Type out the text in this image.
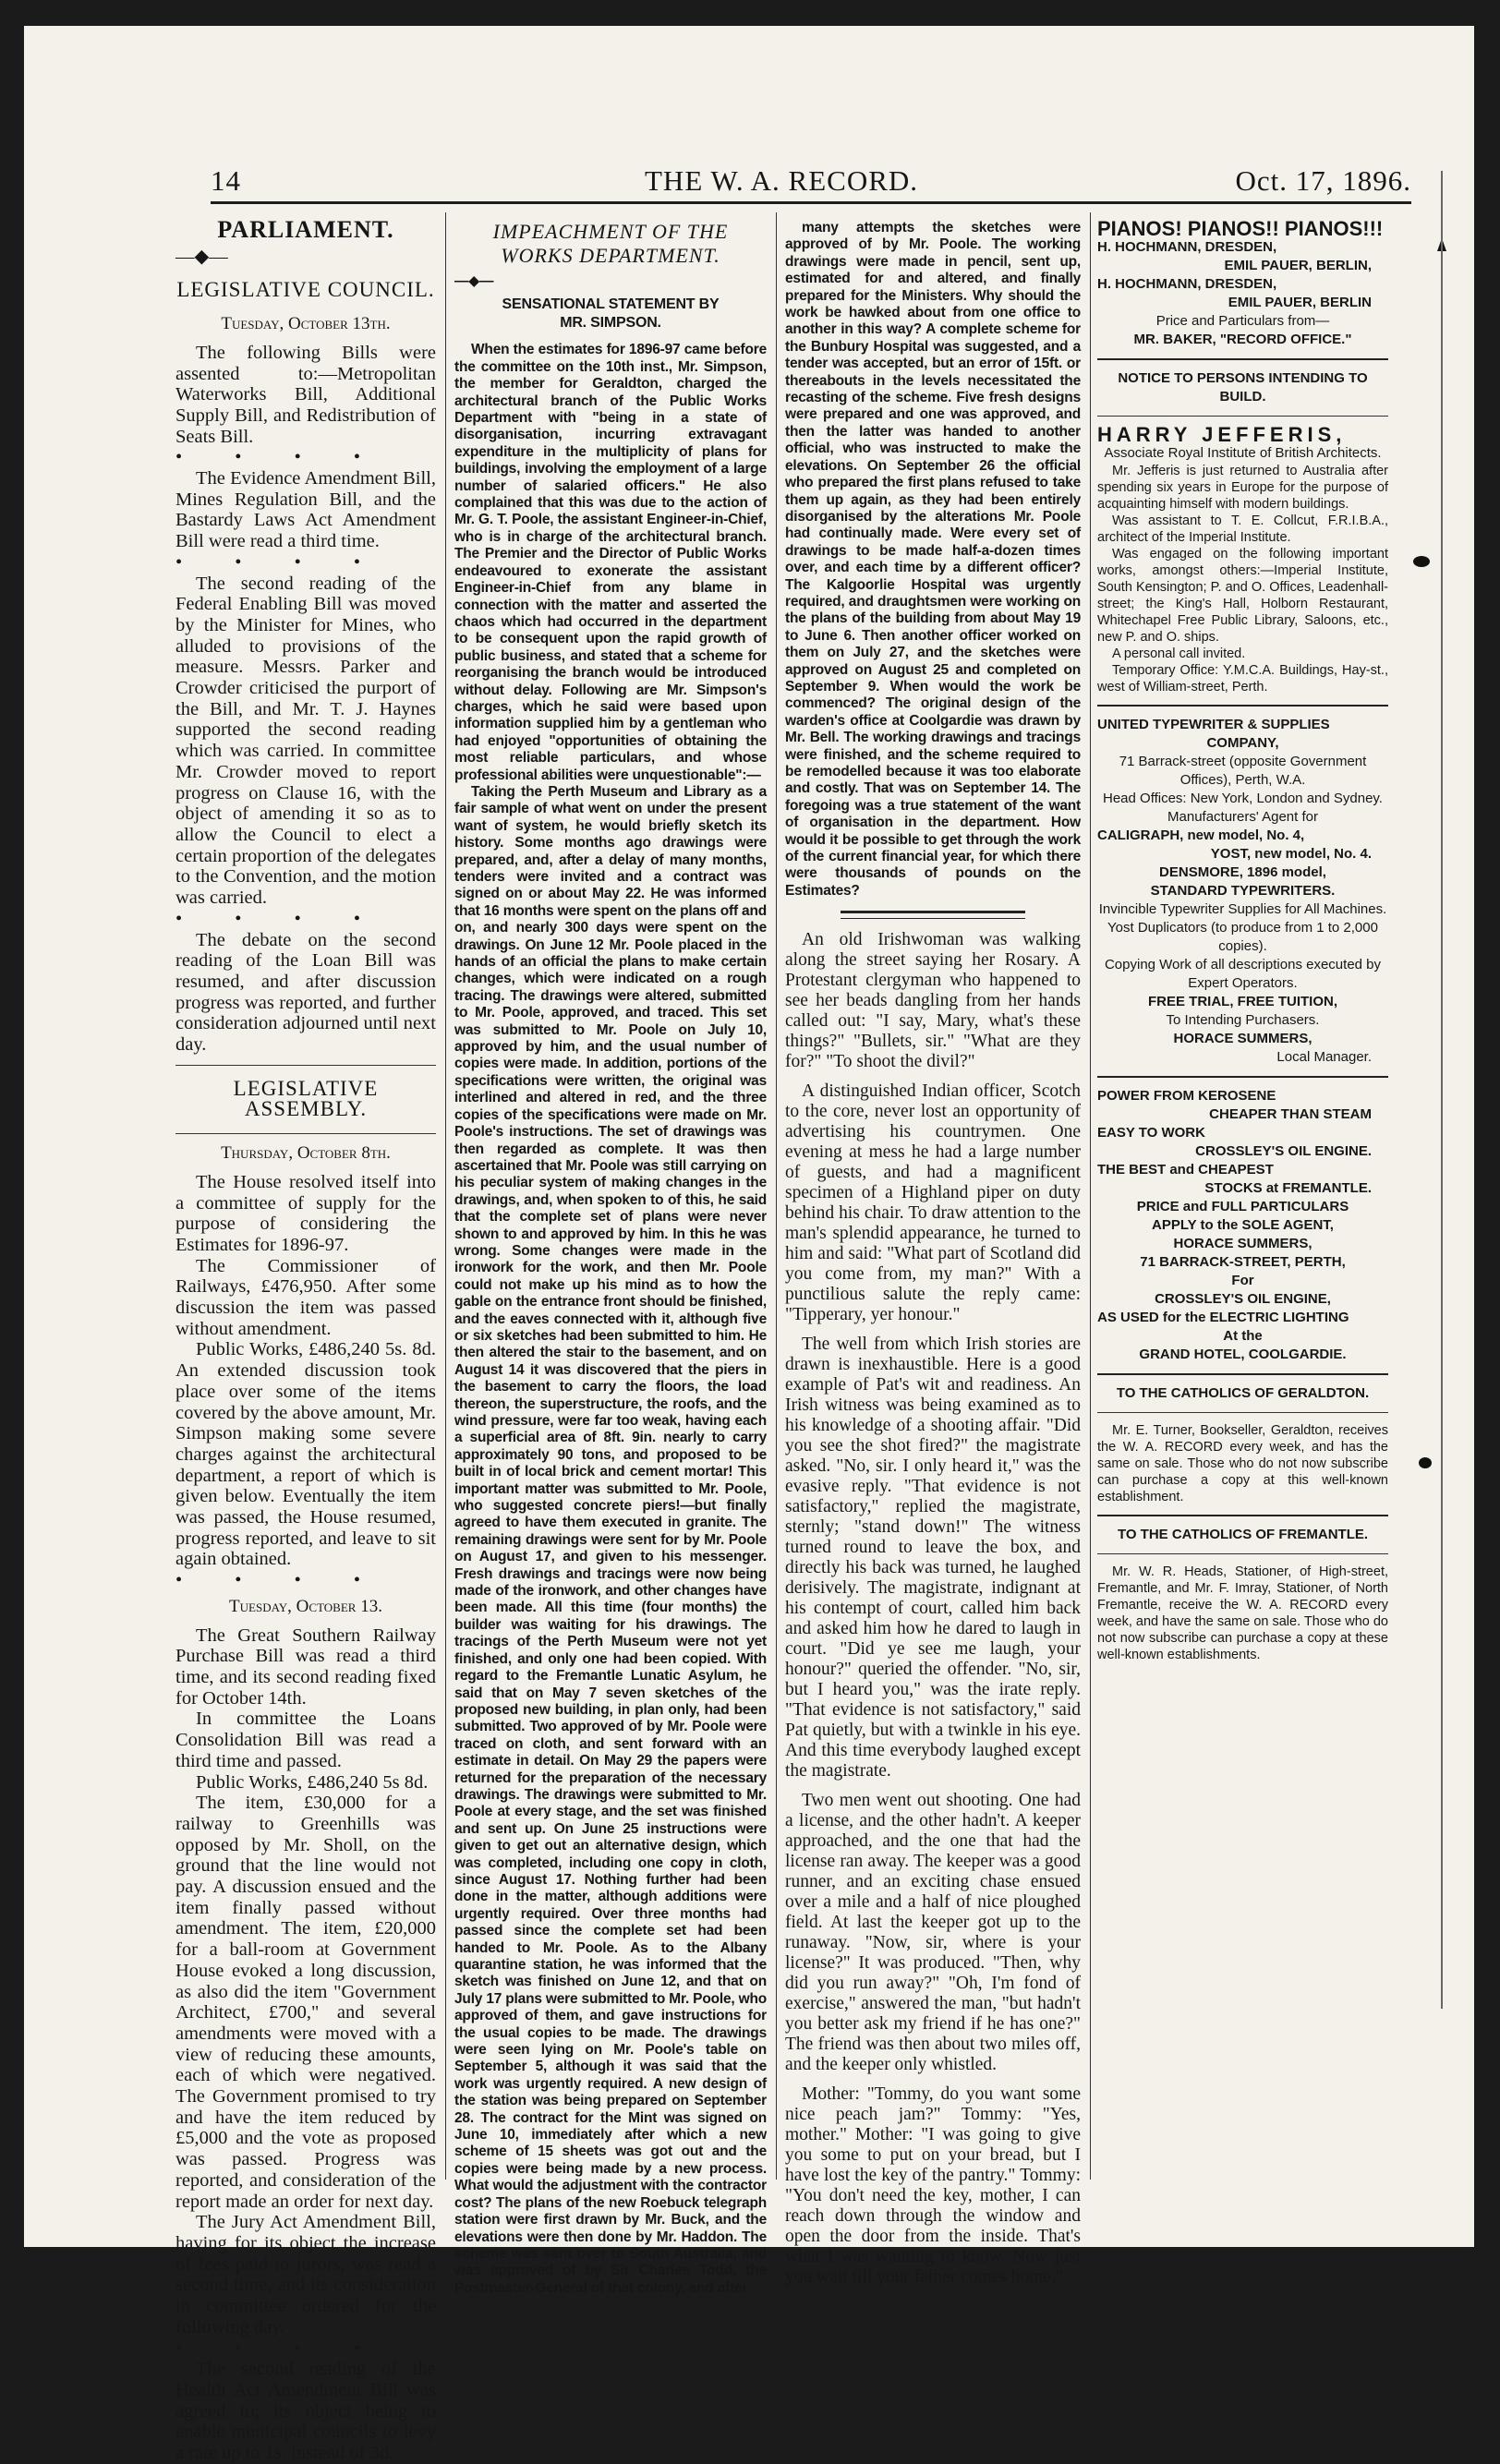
14	THE W. A. RECORD.	Oct. 17, 1896.

PARLIAMENT.

—◆—

LEGISLATIVE COUNCIL.

Tuesday, October 13th.

The following Bills were assented to:—Metropolitan Waterworks Bill, Additional Supply Bill, and Redistribution of Seats Bill.

• • • •

The Evidence Amendment Bill, Mines Regulation Bill, and the Bastardy Laws Act Amendment Bill were read a third time.

• • • •

The second reading of the Federal Enabling Bill was moved by the Minister for Mines, who alluded to provisions of the measure. Messrs. Parker and Crowder criticised the purport of the Bill, and Mr. T. J. Haynes supported the second reading which was carried. In committee Mr. Crowder moved to report progress on Clause 16, with the object of amending it so as to allow the Council to elect a certain proportion of the delegates to the Convention, and the motion was carried.

• • • •

The debate on the second reading of the Loan Bill was resumed, and after discussion progress was reported, and further consideration adjourned until next day.

LEGISLATIVE ASSEMBLY.

Thursday, October 8th.

The House resolved itself into a committee of supply for the purpose of considering the Estimates for 1896-97.

The Commissioner of Railways, £476,950. After some discussion the item was passed without amendment.

Public Works, £486,240 5s. 8d. An extended discussion took place over some of the items covered by the above amount, Mr. Simpson making some severe charges against the architectural department, a report of which is given below. Eventually the item was passed, the House resumed, progress reported, and leave to sit again obtained.

• • • •

Tuesday, October 13.

The Great Southern Railway Purchase Bill was read a third time, and its second reading fixed for October 14th.

In committee the Loans Consolidation Bill was read a third time and passed.

Public Works, £486,240 5s 8d.

The item, £30,000 for a railway to Greenhills was opposed by Mr. Sholl, on the ground that the line would not pay. A discussion ensued and the item finally passed without amendment. The item, £20,000 for a ball-room at Government House evoked a long discussion, as also did the item "Government Architect, £700," and several amendments were moved with a view of reducing these amounts, each of which were negatived. The Government promised to try and have the item reduced by £5,000 and the vote as proposed was passed. Progress was reported, and consideration of the report made an order for next day.

The Jury Act Amendment Bill, having for its object the increase of fees paid to jurors, was read a second time, and its consideration in committee ordered for the following day.

• • • •

The second reading of the Health Act Amendment Bill was agreed to; its object being to enable municipal councils to levy a rate up to 1s. instead of 3d.

IMPEACHMENT OF THE

WORKS DEPARTMENT.

—◆—

SENSATIONAL STATEMENT BY

MR. SIMPSON.

When the estimates for 1896-97 came before the committee on the 10th inst., Mr. Simpson, the member for Geraldton, charged the architectural branch of the Public Works Department with "being in a state of disorganisation, incurring extravagant expenditure in the multiplicity of plans for buildings, involving the employment of a large number of salaried officers." He also complained that this was due to the action of Mr. G. T. Poole, the assistant Engineer-in-Chief, who is in charge of the architectural branch. The Premier and the Director of Public Works endeavoured to exonerate the assistant Engineer-in-Chief from any blame in connection with the matter and asserted the chaos which had occurred in the department to be consequent upon the rapid growth of public business, and stated that a scheme for reorganising the branch would be introduced without delay. Following are Mr. Simpson's charges, which he said were based upon information supplied him by a gentleman who had enjoyed "opportunities of obtaining the most reliable particulars, and whose professional abilities were unquestionable":—

Taking the Perth Museum and Library as a fair sample of what went on under the present want of system, he would briefly sketch its history. Some months ago drawings were prepared, and, after a delay of many months, tenders were invited and a contract was signed on or about May 22. He was informed that 16 months were spent on the plans off and on, and nearly 300 days were spent on the drawings. On June 12 Mr. Poole placed in the hands of an official the plans to make certain changes, which were indicated on a rough tracing. The drawings were altered, submitted to Mr. Poole, approved, and traced. This set was submitted to Mr. Poole on July 10, approved by him, and the usual number of copies were made. In addition, portions of the specifications were written, the original was interlined and altered in red, and the three copies of the specifications were made on Mr. Poole's instructions. The set of drawings was then regarded as complete. It was then ascertained that Mr. Poole was still carrying on his peculiar system of making changes in the drawings, and, when spoken to of this, he said that the complete set of plans were never shown to and approved by him. In this he was wrong. Some changes were made in the ironwork for the work, and then Mr. Poole could not make up his mind as to how the gable on the entrance front should be finished, and the eaves connected with it, although five or six sketches had been submitted to him. He then altered the stair to the basement, and on August 14 it was discovered that the piers in the basement to carry the floors, the load thereon, the superstructure, the roofs, and the wind pressure, were far too weak, having each a superficial area of 8ft. 9in. nearly to carry approximately 90 tons, and proposed to be built in of local brick and cement mortar! This important matter was submitted to Mr. Poole, who suggested concrete piers!—but finally agreed to have them executed in granite. The remaining drawings were sent for by Mr. Poole on August 17, and given to his messenger. Fresh drawings and tracings were now being made of the ironwork, and other changes have been made. All this time (four months) the builder was waiting for his drawings. The tracings of the Perth Museum were not yet finished, and only one had been copied. With regard to the Fremantle Lunatic Asylum, he said that on May 7 seven sketches of the proposed new building, in plan only, had been submitted. Two approved of by Mr. Poole were traced on cloth, and sent forward with an estimate in detail. On May 29 the papers were returned for the preparation of the necessary drawings. The drawings were submitted to Mr. Poole at every stage, and the set was finished and sent up. On June 25 instructions were given to get out an alternative design, which was completed, including one copy in cloth, since August 17. Nothing further had been done in the matter, although additions were urgently required. Over three months had passed since the complete set had been handed to Mr. Poole. As to the Albany quarantine station, he was informed that the sketch was finished on June 12, and that on July 17 plans were submitted to Mr. Poole, who approved of them, and gave instructions for the usual copies to be made. The drawings were seen lying on Mr. Poole's table on September 5, although it was said that the work was urgently required. A new design of the station was being prepared on September 28. The contract for the Mint was signed on June 10, immediately after which a new scheme of 15 sheets was got out and the copies were being made by a new process. What would the adjustment with the contractor cost? The plans of the new Roebuck telegraph station were first drawn by Mr. Buck, and the elevations were then done by Mr. Haddon. The scheme was sent over to South Australia, and was approved of by Sir Charles Todd, the Postmaster-General of that colony, and after

many attempts the sketches were approved of by Mr. Poole. The working drawings were made in pencil, sent up, estimated for and altered, and finally prepared for the Ministers. Why should the work be hawked about from one office to another in this way? A complete scheme for the Bunbury Hospital was suggested, and a tender was accepted, but an error of 15ft. or thereabouts in the levels necessitated the recasting of the scheme. Five fresh designs were prepared and one was approved, and then the latter was handed to another official, who was instructed to make the elevations. On September 26 the official who prepared the first plans refused to take them up again, as they had been entirely disorganised by the alterations Mr. Poole had continually made. Were every set of drawings to be made half-a-dozen times over, and each time by a different officer? The Kalgoorlie Hospital was urgently required, and draughtsmen were working on the plans of the building from about May 19 to June 6. Then another officer worked on them on July 27, and the sketches were approved on August 25 and completed on September 9. When would the work be commenced? The original design of the warden's office at Coolgardie was drawn by Mr. Bell. The working drawings and tracings were finished, and the scheme required to be remodelled because it was too elaborate and costly. That was on September 14. The foregoing was a true statement of the want of organisation in the department. How would it be possible to get through the work of the current financial year, for which there were thousands of pounds on the Estimates?

An old Irishwoman was walking along the street saying her Rosary. A Protestant clergyman who happened to see her beads dangling from her hands called out: "I say, Mary, what's these things?" "Bullets, sir." "What are they for?" "To shoot the divil?"

A distinguished Indian officer, Scotch to the core, never lost an opportunity of advertising his countrymen. One evening at mess he had a large number of guests, and had a magnificent specimen of a Highland piper on duty behind his chair. To draw attention to the man's splendid appearance, he turned to him and said: "What part of Scotland did you come from, my man?" With a punctilious salute the reply came: "Tipperary, yer honour."

The well from which Irish stories are drawn is inexhaustible. Here is a good example of Pat's wit and readiness. An Irish witness was being examined as to his knowledge of a shooting affair. "Did you see the shot fired?" the magistrate asked. "No, sir. I only heard it," was the evasive reply. "That evidence is not satisfactory," replied the magistrate, sternly; "stand down!" The witness turned round to leave the box, and directly his back was turned, he laughed derisively. The magistrate, indignant at his contempt of court, called him back and asked him how he dared to laugh in court. "Did ye see me laugh, your honour?" queried the offender. "No, sir, but I heard you," was the irate reply. "That evidence is not satisfactory," said Pat quietly, but with a twinkle in his eye. And this time everybody laughed except the magistrate.

Two men went out shooting. One had a license, and the other hadn't. A keeper approached, and the one that had the license ran away. The keeper was a good runner, and an exciting chase ensued over a mile and a half of nice ploughed field. At last the keeper got up to the runaway. "Now, sir, where is your license?" It was produced. "Then, why did you run away?" "Oh, I'm fond of exercise," answered the man, "but hadn't you better ask my friend if he has one?" The friend was then about two miles off, and the keeper only whistled.

Mother: "Tommy, do you want some nice peach jam?" Tommy: "Yes, mother." Mother: "I was going to give you some to put on your bread, but I have lost the key of the pantry." Tommy: "You don't need the key, mother, I can reach down through the window and open the door from the inside. That's what I was wanting to know. Now just you wait till your father comes home."

PIANOS! PIANOS!! PIANOS!!!

H. HOCHMANN, DRESDEN,

EMIL PAUER, BERLIN,

H. HOCHMANN, DRESDEN,

EMIL PAUER, BERLIN

Price and Particulars from—

MR. BAKER, "RECORD OFFICE."

NOTICE TO PERSONS INTENDING TO BUILD.

HARRY JEFFERIS,

Associate Royal Institute of British Architects.

Mr. Jefferis is just returned to Australia after spending six years in Europe for the purpose of acquainting himself with modern buildings.

Was assistant to T. E. Collcut, F.R.I.B.A., architect of the Imperial Institute.

Was engaged on the following important works, amongst others:—Imperial Institute, South Kensington; P. and O. Offices, Leadenhall-street; the King's Hall, Holborn Restaurant, Whitechapel Free Public Library, Saloons, etc., new P. and O. ships.

A personal call invited.

Temporary Office: Y.M.C.A. Buildings, Hay-st., west of William-street, Perth.

UNITED TYPEWRITER & SUPPLIES

COMPANY,

71 Barrack-street (opposite Government Offices), Perth, W.A.

Head Offices: New York, London and Sydney.

Manufacturers' Agent for

CALIGRAPH, new model, No. 4,

YOST, new model, No. 4.

DENSMORE, 1896 model,

STANDARD TYPEWRITERS.

Invincible Typewriter Supplies for All Machines.

Yost Duplicators (to produce from 1 to 2,000 copies).

Copying Work of all descriptions executed by Expert Operators.

FREE TRIAL, FREE TUITION,

To Intending Purchasers.

HORACE SUMMERS,

Local Manager.

POWER FROM KEROSENE

CHEAPER THAN STEAM

EASY TO WORK

CROSSLEY'S OIL ENGINE.

THE BEST and CHEAPEST

STOCKS at FREMANTLE.

PRICE and FULL PARTICULARS

APPLY to the SOLE AGENT,

HORACE SUMMERS,

71 BARRACK-STREET, PERTH,

For

CROSSLEY'S OIL ENGINE,

AS USED for the ELECTRIC LIGHTING

At the

GRAND HOTEL, COOLGARDIE.

TO THE CATHOLICS OF GERALDTON.

Mr. E. Turner, Bookseller, Geraldton, receives the W. A. RECORD every week, and has the same on sale. Those who do not now subscribe can purchase a copy at this well-known establishment.

TO THE CATHOLICS OF FREMANTLE.

Mr. W. R. Heads, Stationer, of High-street, Fremantle, and Mr. F. Imray, Stationer, of North Fremantle, receive the W. A. RECORD every week, and have the same on sale. Those who do not now subscribe can purchase a copy at these well-known establishments.
